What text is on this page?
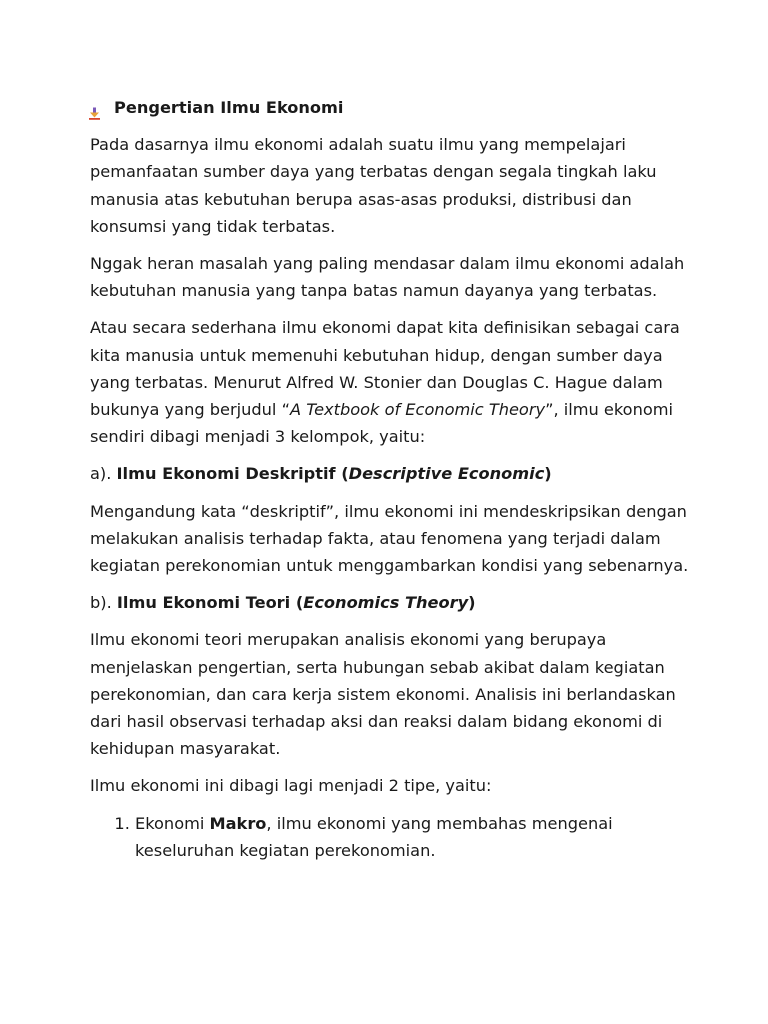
Pengertian Ilmu Ekonomi

Pada dasarnya ilmu ekonomi adalah suatu ilmu yang mempelajari pemanfaatan sumber daya yang terbatas dengan segala tingkah laku manusia atas kebutuhan berupa asas-asas produksi, distribusi dan konsumsi yang tidak terbatas.

Nggak heran masalah yang paling mendasar dalam ilmu ekonomi adalah kebutuhan manusia yang tanpa batas namun dayanya yang terbatas.

Atau secara sederhana ilmu ekonomi dapat kita definisikan sebagai cara kita manusia untuk memenuhi kebutuhan hidup, dengan sumber daya yang terbatas. Menurut Alfred W. Stonier dan Douglas C. Hague dalam bukunya yang berjudul “A Textbook of Economic Theory”, ilmu ekonomi sendiri dibagi menjadi 3 kelompok, yaitu:

a). Ilmu Ekonomi Deskriptif (Descriptive Economic)

Mengandung kata “deskriptif”, ilmu ekonomi ini mendeskripsikan dengan melakukan analisis terhadap fakta, atau fenomena yang terjadi dalam kegiatan perekonomian untuk menggambarkan kondisi yang sebenarnya.

b). Ilmu Ekonomi Teori (Economics Theory)

Ilmu ekonomi teori merupakan analisis ekonomi yang berupaya menjelaskan pengertian, serta hubungan sebab akibat dalam kegiatan perekonomian, dan cara kerja sistem ekonomi. Analisis ini berlandaskan dari hasil observasi terhadap aksi dan reaksi dalam bidang ekonomi di kehidupan masyarakat.

Ilmu ekonomi ini dibagi lagi menjadi 2 tipe, yaitu:

1. Ekonomi Makro, ilmu ekonomi yang membahas mengenai keseluruhan kegiatan perekonomian.
